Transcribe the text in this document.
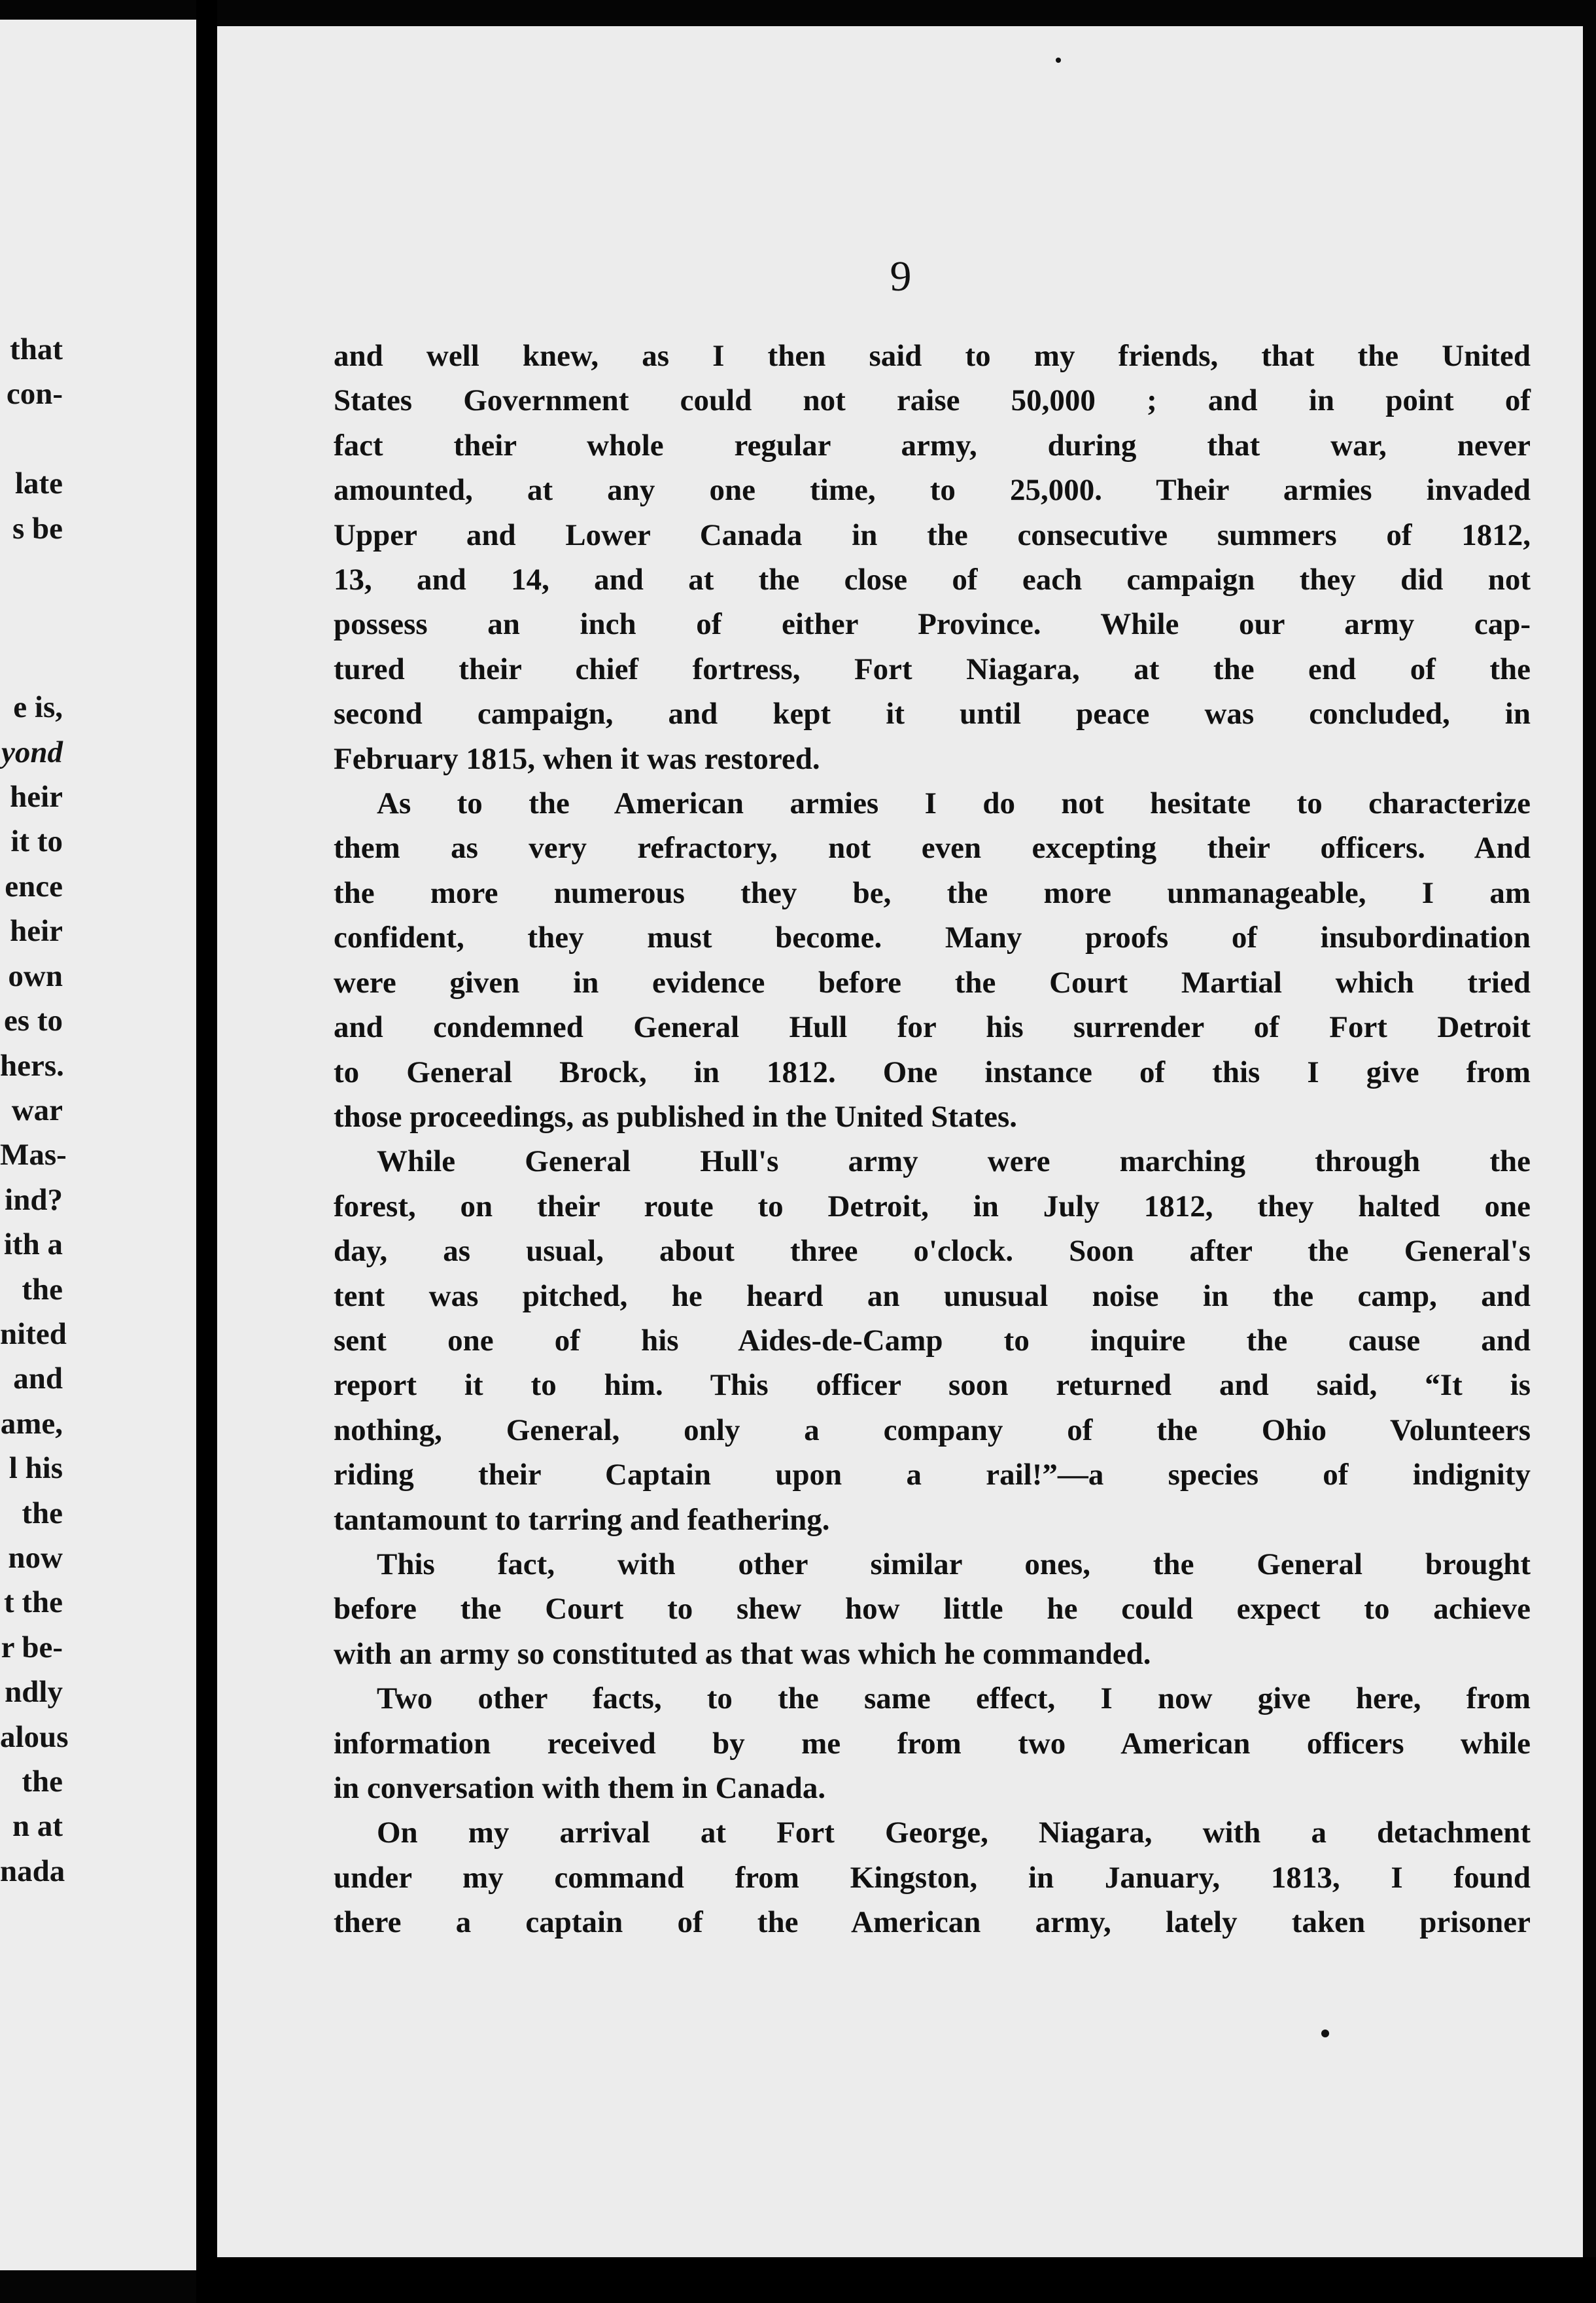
that
con-

late
s be

e is,
yond
heir
it to
ence
heir
own
es to
hers.
war
Mas-
ind?
ith a
the
nited
and
ame,
l his
the
now
t the
r be-
ndly
alous
the
n at
nada
9

and well knew, as I then said to my friends, that the United

States Government could not raise 50,000 ; and in point of

fact their whole regular army, during that war, never

amounted, at any one time, to 25,000. Their armies invaded

Upper and Lower Canada in the consecutive summers of 1812,

13, and 14, and at the close of each campaign they did not

possess an inch of either Province. While our army cap-

tured their chief fortress, Fort Niagara, at the end of the

second campaign, and kept it until peace was concluded, in

February 1815, when it was restored.

As to the American armies I do not hesitate to characterize

them as very refractory, not even excepting their officers. And

the more numerous they be, the more unmanageable, I am

confident, they must become. Many proofs of insubordination

were given in evidence before the Court Martial which tried

and condemned General Hull for his surrender of Fort Detroit

to General Brock, in 1812. One instance of this I give from

those proceedings, as published in the United States.

While General Hull's army were marching through the

forest, on their route to Detroit, in July 1812, they halted one

day, as usual, about three o'clock. Soon after the General's

tent was pitched, he heard an unusual noise in the camp, and

sent one of his Aides-de-Camp to inquire the cause and

report it to him. This officer soon returned and said, “It is

nothing, General, only a company of the Ohio Volunteers

riding their Captain upon a rail!”—a species of indignity

tantamount to tarring and feathering.

This fact, with other similar ones, the General brought

before the Court to shew how little he could expect to achieve

with an army so constituted as that was which he commanded.

Two other facts, to the same effect, I now give here, from

information received by me from two American officers while

in conversation with them in Canada.

On my arrival at Fort George, Niagara, with a detachment

under my command from Kingston, in January, 1813, I found

there a captain of the American army, lately taken prisoner
